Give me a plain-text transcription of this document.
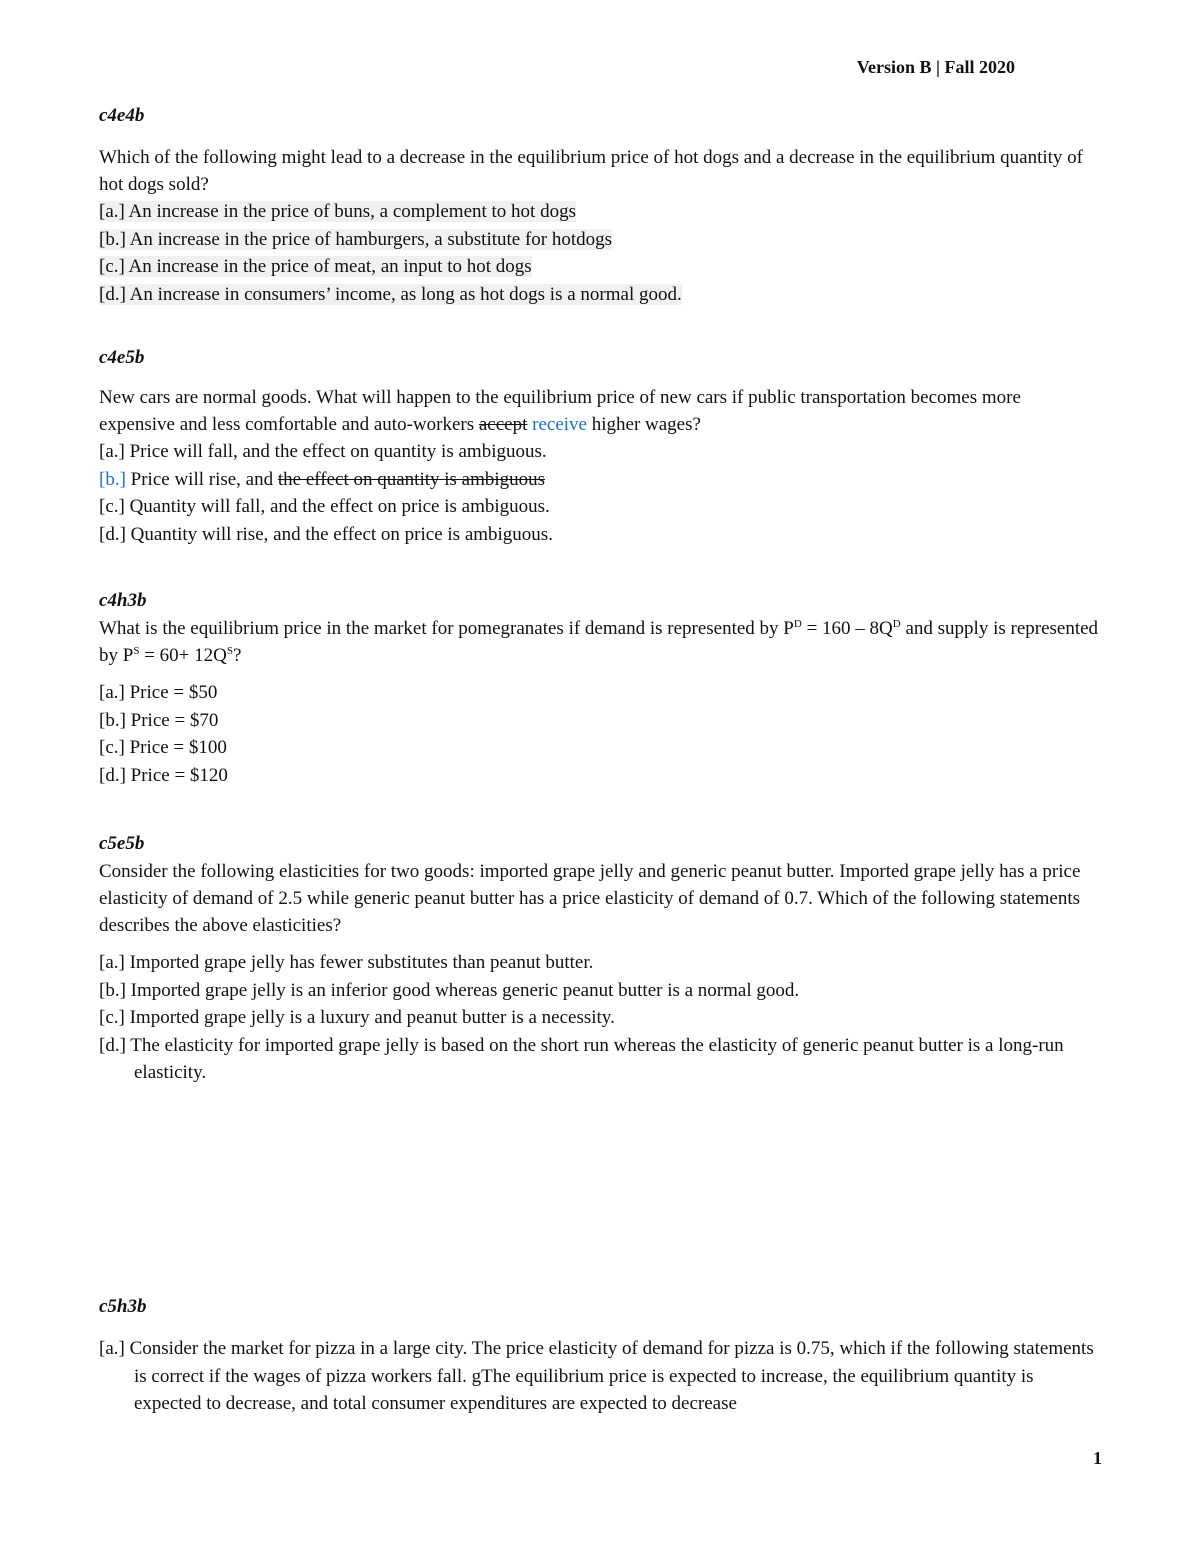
Version B | Fall 2020
c4e4b
Which of the following might lead to a decrease in the equilibrium price of hot dogs and a decrease in the equilibrium quantity of hot dogs sold?
[a.] An increase in the price of buns, a complement to hot dogs
[b.] An increase in the price of hamburgers, a substitute for hotdogs
[c.] An increase in the price of meat, an input to hot dogs
[d.] An increase in consumers’ income, as long as hot dogs is a normal good.
c4e5b
New cars are normal goods. What will happen to the equilibrium price of new cars if public transportation becomes more expensive and less comfortable and auto-workers accept receive higher wages?
[a.] Price will fall, and the effect on quantity is ambiguous.
[b.] Price will rise, and the effect on quantity is ambiguous
[c.] Quantity will fall, and the effect on price is ambiguous.
[d.] Quantity will rise, and the effect on price is ambiguous.
c4h3b
What is the equilibrium price in the market for pomegranates if demand is represented by $P^D = 160 - 8Q^D$ and supply is represented by $P^S = 60+ 12Q^S$?
[a.] Price = $50
[b.] Price = $70
[c.] Price = $100
[d.] Price = $120
c5e5b
Consider the following elasticities for two goods: imported grape jelly and generic peanut butter. Imported grape jelly has a price elasticity of demand of 2.5 while generic peanut butter has a price elasticity of demand of 0.7. Which of the following statements describes the above elasticities?
[a.] Imported grape jelly has fewer substitutes than peanut butter.
[b.] Imported grape jelly is an inferior good whereas generic peanut butter is a normal good.
[c.] Imported grape jelly is a luxury and peanut butter is a necessity.
[d.] The elasticity for imported grape jelly is based on the short run whereas the elasticity of generic peanut butter is a long-run elasticity.
c5h3b
[a.] Consider the market for pizza in a large city. The price elasticity of demand for pizza is 0.75, which if the following statements is correct if the wages of pizza workers fall. gThe equilibrium price is expected to increase, the equilibrium quantity is expected to decrease, and total consumer expenditures are expected to decrease
1
